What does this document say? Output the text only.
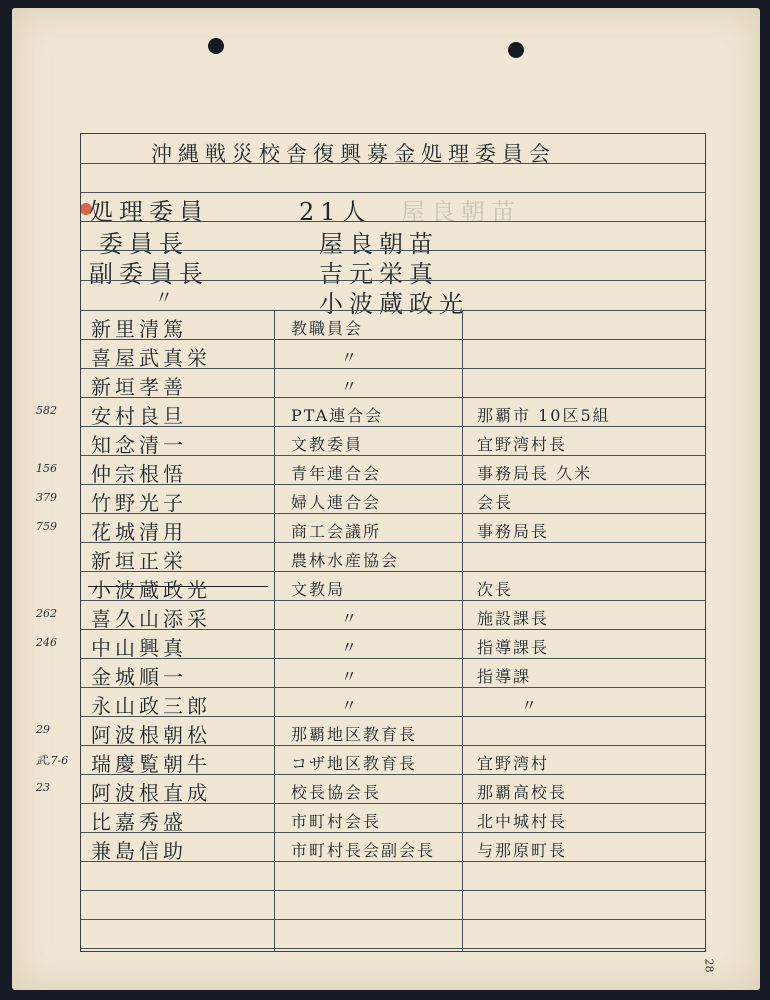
沖縄戦災校舎復興募金処理委員会
処理委員	21人 屋良朝苗
委員長	屋良朝苗
副委員長	吉元栄真
〃	小波蔵政光
新里清篤	教職員会
喜屋武真栄	〃
新垣孝善	〃
安村良旦	PTA連合会	那覇市 10区5組
知念清一	文教委員	宜野湾村長
仲宗根悟	青年連合会	事務局長 久米
竹野光子	婦人連合会	会長
花城清用	商工会議所	事務局長
新垣正栄	農林水産協会
小波蔵政光	文教局	次長
喜久山添采	〃	施設課長
中山興真	〃	指導課長
金城順一	〃	指導課
永山政三郎	〃	〃
阿波根朝松	那覇地区教育長
瑞慶覧朝牛	コザ地区教育長	宜野湾村
阿波根直成	校長協会長	那覇高校長
比嘉秀盛	市町村会長	北中城村長
兼島信助	市町村長会副会長	与那原町長
582
156
379
759
262
246
29
武,7-6
23
28
